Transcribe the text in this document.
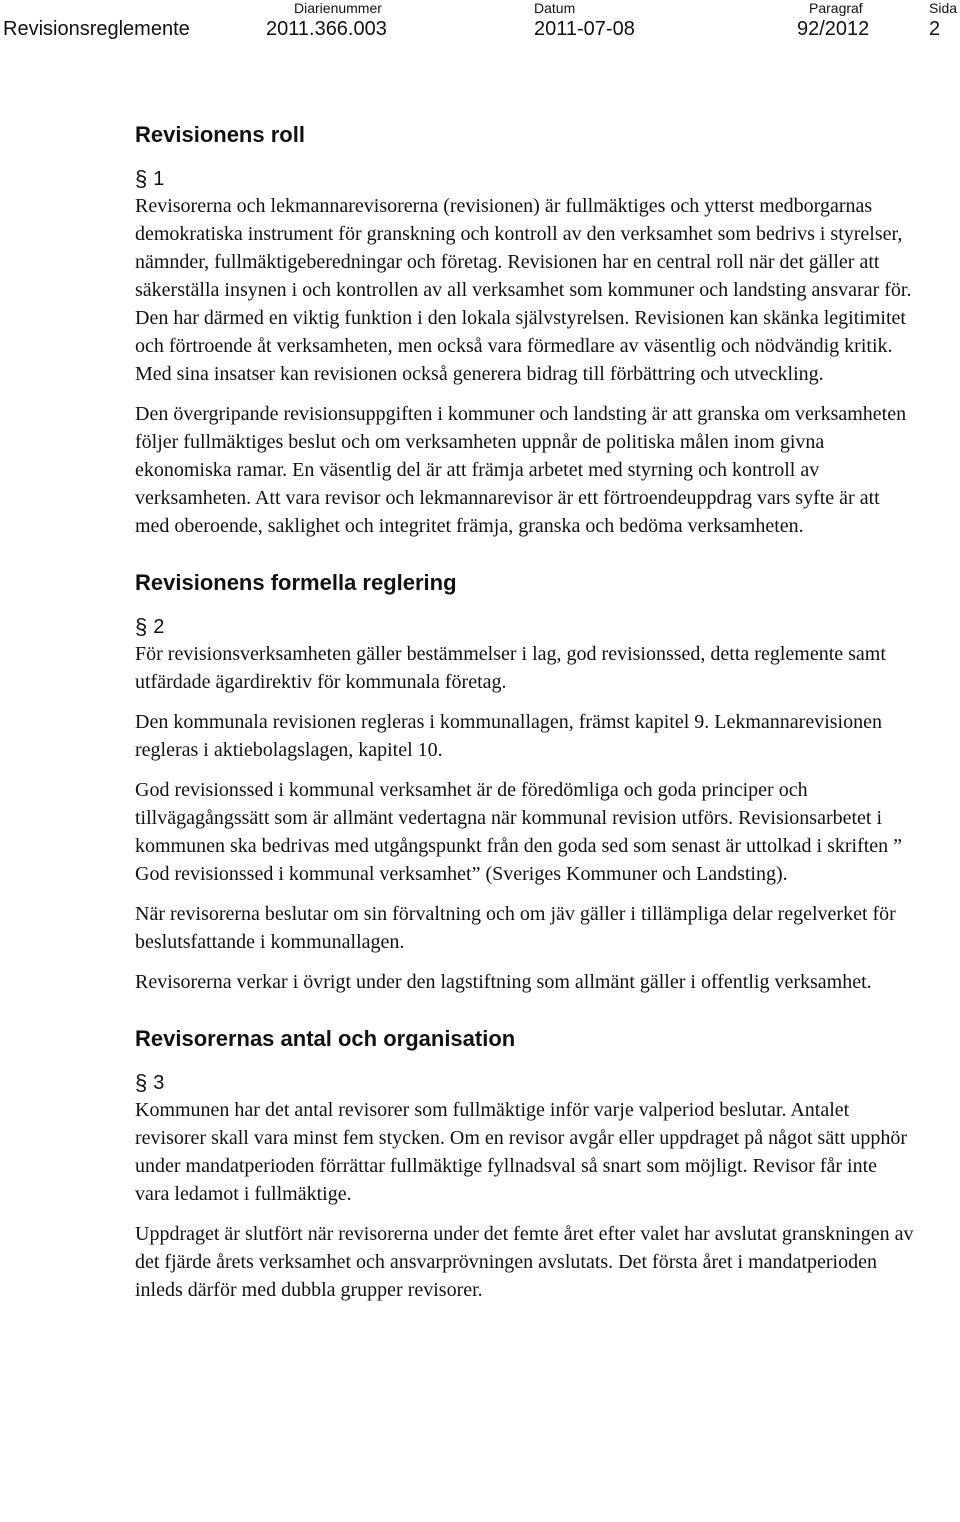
Revisionsreglemente
Diarienummer
2011.366.003
Datum
2011-07-08
Paragraf
92/2012
Sida
2
Revisionens roll
§ 1

Revisorerna och lekmannarevisorerna (revisionen) är fullmäktiges och ytterst medborgarnas demokratiska instrument för granskning och kontroll av den verksamhet som bedrivs i styrelser, nämnder, fullmäktigeberedningar och företag. Revisionen har en central roll när det gäller att säkerställa insynen i och kontrollen av all verksamhet som kommuner och landsting ansvarar för. Den har därmed en viktig funktion i den lokala självstyrelsen. Revisionen kan skänka legitimitet och förtroende åt verksamheten, men också vara förmedlare av väsentlig och nödvändig kritik. Med sina insatser kan revisionen också generera bidrag till förbättring och utveckling.

Den övergripande revisionsuppgiften i kommuner och landsting är att granska om verksamheten följer fullmäktiges beslut och om verksamheten uppnår de politiska målen inom givna ekonomiska ramar. En väsentlig del är att främja arbetet med styrning och kontroll av verksamheten. Att vara revisor och lekmannarevisor är ett förtroendeuppdrag vars syfte är att med oberoende, saklighet och integritet främja, granska och bedöma verksamheten.

Revisionens formella reglering
§ 2

För revisionsverksamheten gäller bestämmelser i lag, god revisionssed, detta reglemente samt utfärdade ägardirektiv för kommunala företag.

Den kommunala revisionen regleras i kommunallagen, främst kapitel 9. Lekmannarevisionen regleras i aktiebolagslagen, kapitel 10.

God revisionssed i kommunal verksamhet är de föredömliga och goda principer och tillvägagångssätt som är allmänt vedertagna när kommunal revision utförs. Revisionsarbetet i kommunen ska bedrivas med utgångspunkt från den goda sed som senast är uttolkad i skriften ” God revisionssed i kommunal verksamhet” (Sveriges Kommuner och Landsting).

När revisorerna beslutar om sin förvaltning och om jäv gäller i tillämpliga delar regelverket för beslutsfattande i kommunallagen.

Revisorerna verkar i övrigt under den lagstiftning som allmänt gäller i offentlig verksamhet.

Revisorernas antal och organisation
§ 3

Kommunen har det antal revisorer som fullmäktige inför varje valperiod beslutar. Antalet revisorer skall vara minst fem stycken. Om en revisor avgår eller uppdraget på något sätt upphör under mandatperioden förrättar fullmäktige fyllnadsval så snart som möjligt. Revisor får inte vara ledamot i fullmäktige.

Uppdraget är slutfört när revisorerna under det femte året efter valet har avslutat granskningen av det fjärde årets verksamhet och ansvarprövningen avslutats. Det första året i mandatperioden inleds därför med dubbla grupper revisorer.
